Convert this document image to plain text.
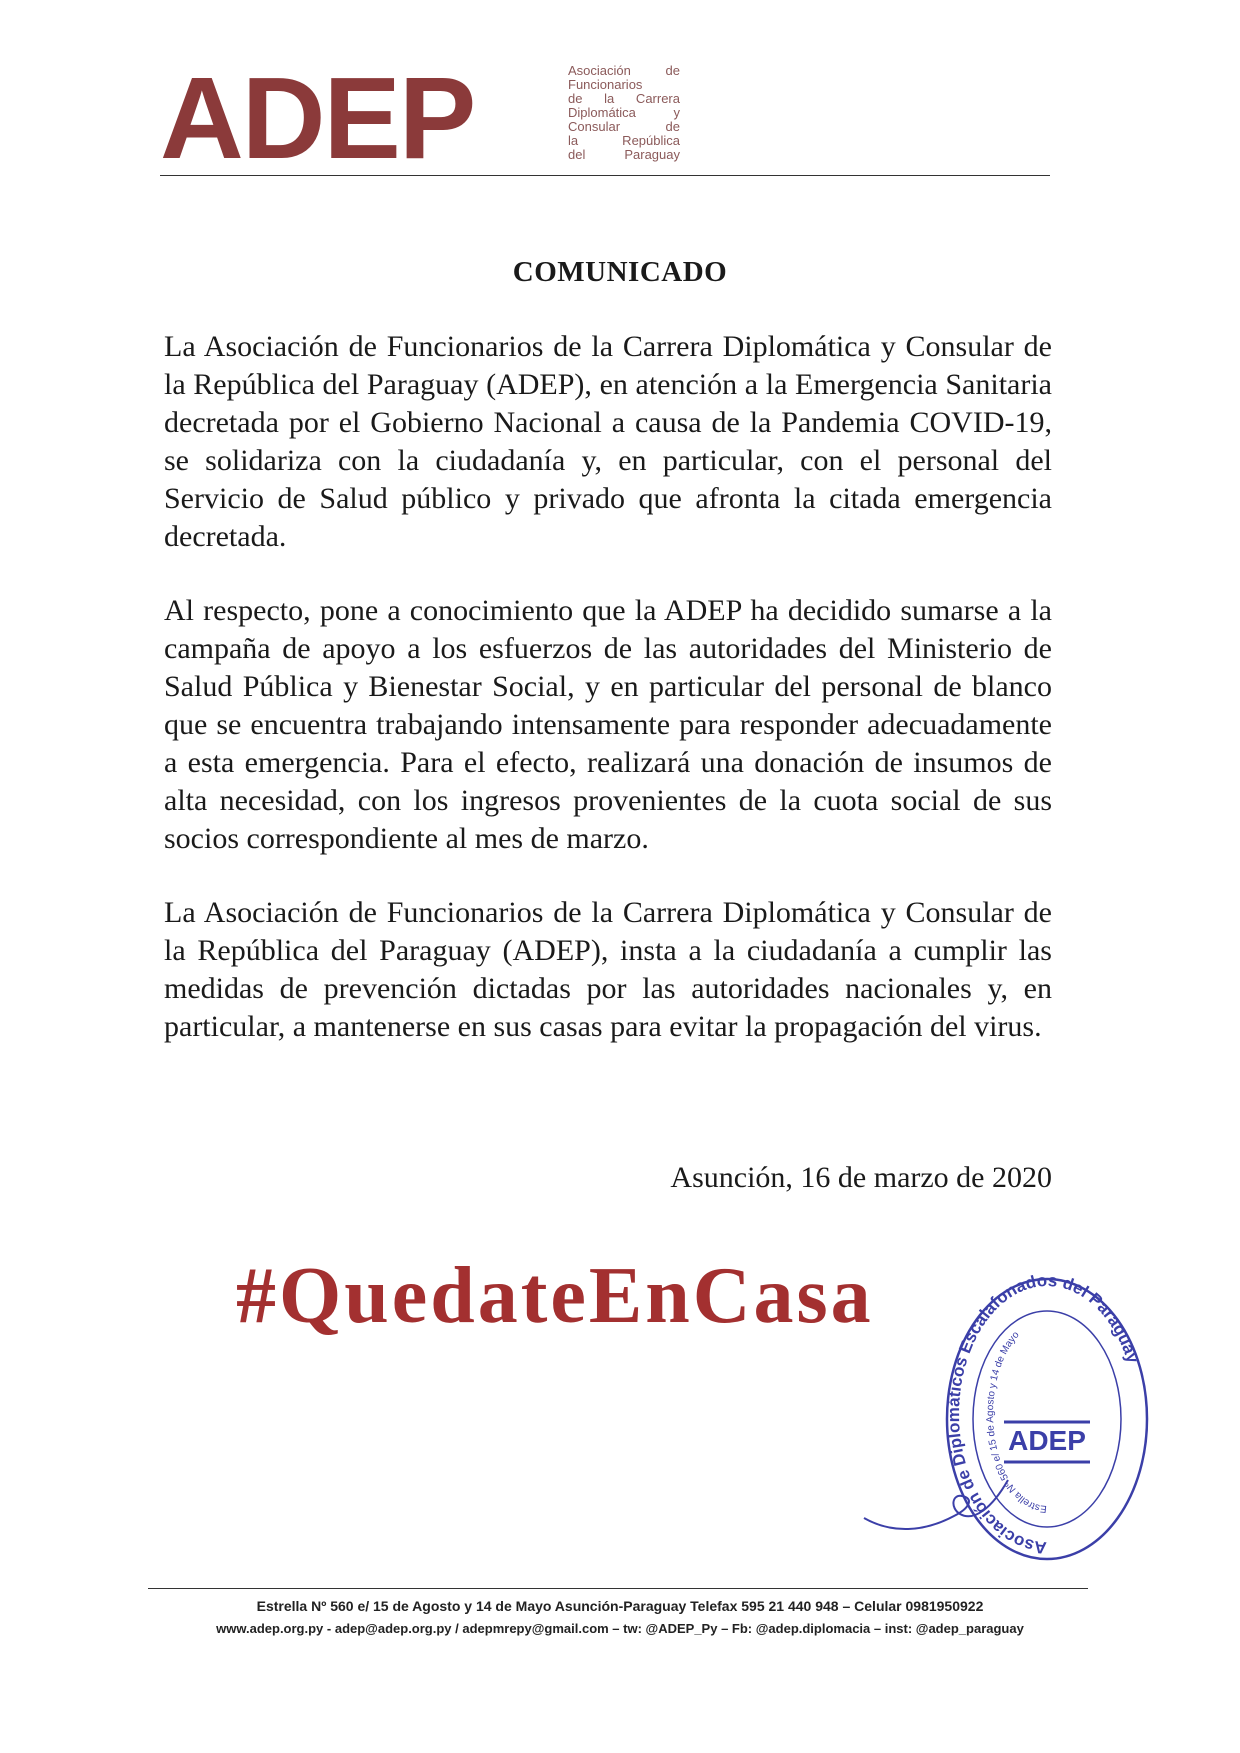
ADEP	Asociación de
Funcionarios
de la Carrera
Diplomática y
Consular de
la República
del Paraguay
COMUNICADO

La Asociación de Funcionarios de la Carrera Diplomática y Consular de la República del Paraguay (ADEP), en atención a la Emergencia Sanitaria decretada por el Gobierno Nacional a causa de la Pandemia COVID-19, se solidariza con la ciudadanía y, en particular, con el personal del Servicio de Salud público y privado que afronta la citada emergencia decretada.

Al respecto, pone a conocimiento que la ADEP ha decidido sumarse a la campaña de apoyo a los esfuerzos de las autoridades del Ministerio de Salud Pública y Bienestar Social, y en particular del personal de blanco que se encuentra trabajando intensamente para responder adecuadamente a esta emergencia. Para el efecto, realizará una donación de insumos de alta necesidad, con los ingresos provenientes de la cuota social de sus socios correspondiente al mes de marzo.

La Asociación de Funcionarios de la Carrera Diplomática y Consular de la República del Paraguay (ADEP), insta a la ciudadanía a cumplir las medidas de prevención dictadas por las autoridades nacionales y, en particular, a mantenerse en sus casas para evitar la propagación del virus.

Asunción, 16 de marzo de 2020
#QuedateEnCasa
Asociación de Diplomáticos Escalafonados del Paraguay
Estrella Nº 560 e/ 15 de Agosto y 14 de Mayo
ADEP
Estrella Nº 560 e/ 15 de Agosto y 14 de Mayo Asunción-Paraguay Telefax 595 21 440 948 – Celular 0981950922
www.adep.org.py - adep@adep.org.py / adepmrepy@gmail.com – tw: @ADEP_Py – Fb: @adep.diplomacia – inst: @adep_paraguay
